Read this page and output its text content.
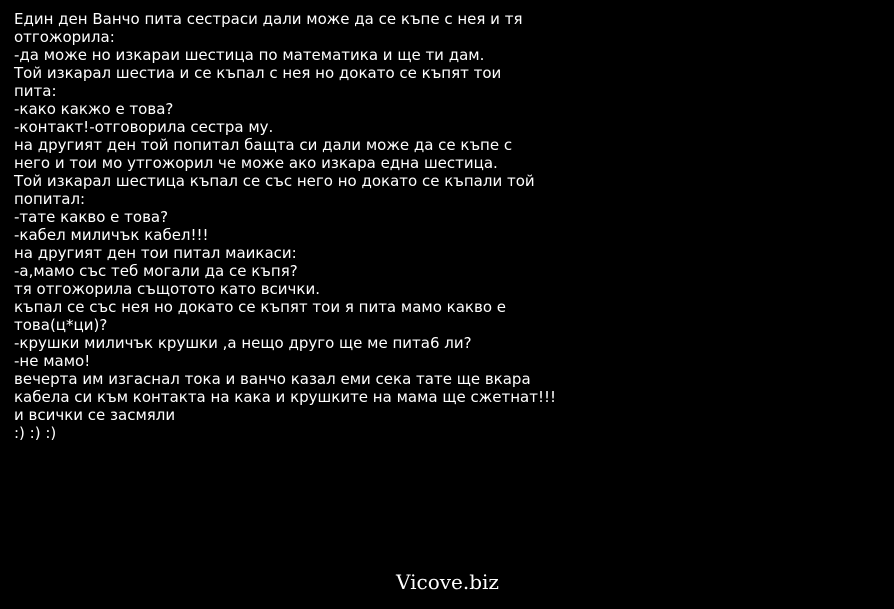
Един ден Ванчо пита сестраси дали може да се къпе с нея и тя
отгожорила:
-да може но изкараи шестица по математика и ще ти дам.
Той изкарал шестиа и се къпал с нея но докато се къпят тои
пита:
-како какжо е това?
-контакт!-отговорила сестра му.
на другият ден той попитал бащта си дали може да се къпе с
него и тои мо утгожорил че може ако изкара една шестица.
Той изкарал шестица къпал се със него но докато се къпали той
попитал:
-тате какво е това?
-кабел миличък кабел!!!
на другият ден тои питал маикаси:
-а,мамо със теб могали да се къпя?
тя отгожорила същотото като всички.
къпал се със нея но докато се къпят тои я пита мамо какво е
това(ц*ци)?
-крушки миличък крушки ,а нещо друго ще ме пита6 ли?
-не мамо!
вечерта им изгаснал тока и ванчо казал еми сека тате ще вкара
кабела си към контакта на кака и крушките на мама ще сжетнат!!!
и всички се засмяли
:) :) :)
Vicove.biz
